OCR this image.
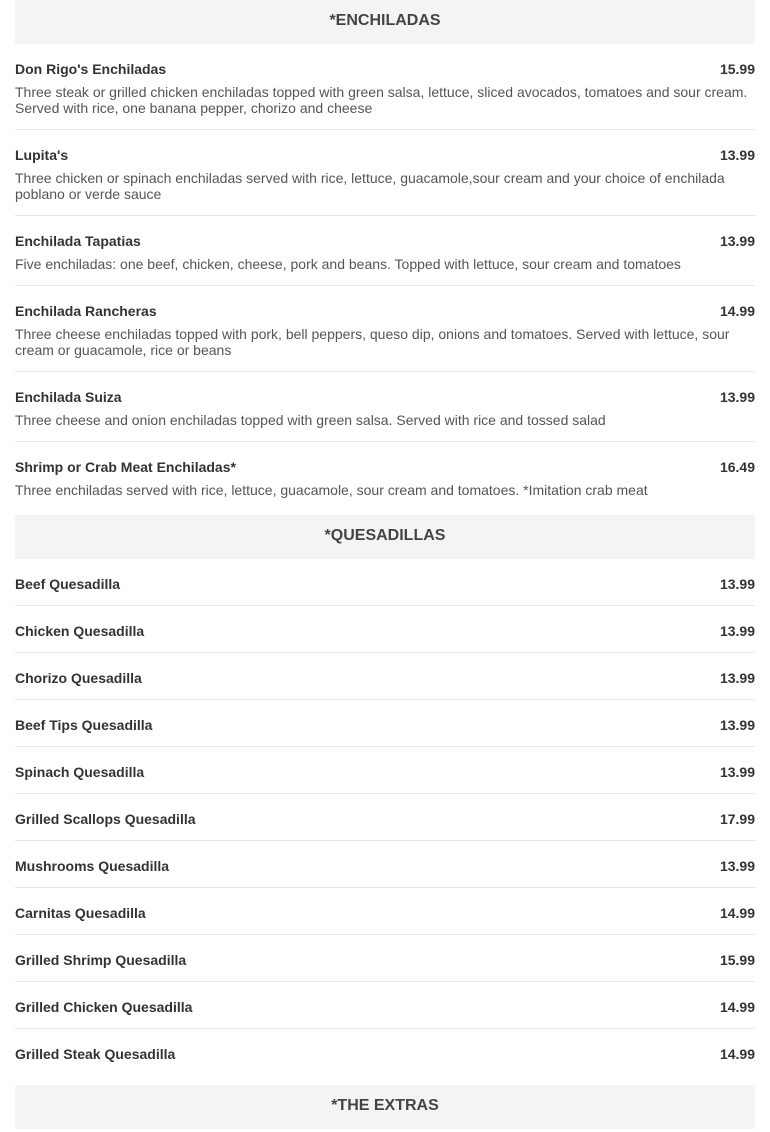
*ENCHILADAS
Don Rigo's Enchiladas	15.99
Three steak or grilled chicken enchiladas topped with green salsa, lettuce, sliced avocados, tomatoes and sour cream. Served with rice, one banana pepper, chorizo and cheese
Lupita's	13.99
Three chicken or spinach enchiladas served with rice, lettuce, guacamole,sour cream and your choice of enchilada poblano or verde sauce
Enchilada Tapatias	13.99
Five enchiladas: one beef, chicken, cheese, pork and beans. Topped with lettuce, sour cream and tomatoes
Enchilada Rancheras	14.99
Three cheese enchiladas topped with pork, bell peppers, queso dip, onions and tomatoes. Served with lettuce, sour cream or guacamole, rice or beans
Enchilada Suiza	13.99
Three cheese and onion enchiladas topped with green salsa. Served with rice and tossed salad
Shrimp or Crab Meat Enchiladas*	16.49
Three enchiladas served with rice, lettuce, guacamole, sour cream and tomatoes. *Imitation crab meat
*QUESADILLAS
Beef Quesadilla	13.99
Chicken Quesadilla	13.99
Chorizo Quesadilla	13.99
Beef Tips Quesadilla	13.99
Spinach Quesadilla	13.99
Grilled Scallops Quesadilla	17.99
Mushrooms Quesadilla	13.99
Carnitas Quesadilla	14.99
Grilled Shrimp Quesadilla	15.99
Grilled Chicken Quesadilla	14.99
Grilled Steak Quesadilla	14.99
*THE EXTRAS
